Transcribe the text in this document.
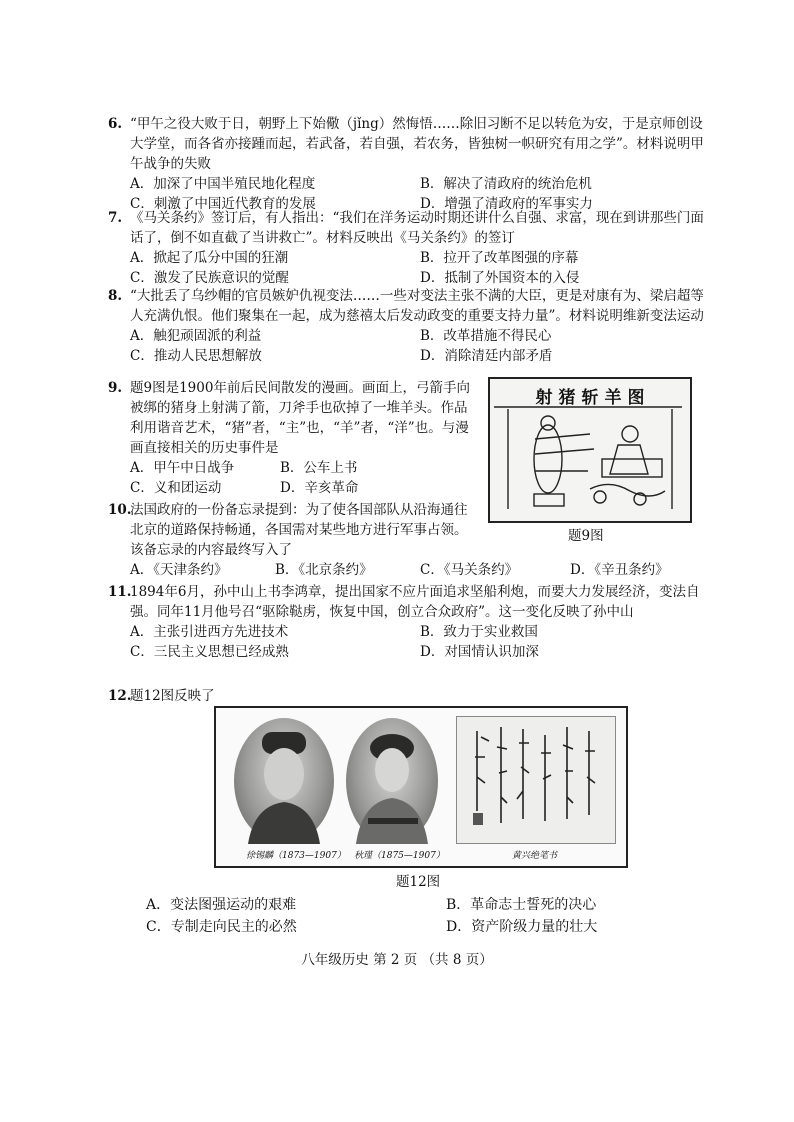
6. “甲午之役大败于日，朝野上下始儆（jǐng）然悔悟……除旧习断不足以转危为安，于是京师创设大学堂，而各省亦接踵而起，若武备，若自强，若农务，皆独树一帜研究有用之学”。材料说明甲午战争的失败
A．加深了中国半殖民地化程度	B．解决了清政府的统治危机
C．刺激了中国近代教育的发展	D．增强了清政府的军事实力
7. 《马关条约》签订后，有人指出：“我们在洋务运动时期还讲什么自强、求富，现在到讲那些门面话了，倒不如直截了当讲救亡”。材料反映出《马关条约》的签订
A．掀起了瓜分中国的狂潮	B．拉开了改革图强的序幕
C．激发了民族意识的觉醒	D．抵制了外国资本的入侵
8. “大批丢了乌纱帽的官员嫉妒仇视变法……一些对变法主张不满的大臣，更是对康有为、梁启超等人充满仇恨。他们聚集在一起，成为慈禧太后发动政变的重要支持力量”。材料说明维新变法运动
A．触犯顽固派的利益	B．改革措施不得民心
C．推动人民思想解放	D．消除清廷内部矛盾
9. 题9图是1900年前后民间散发的漫画。画面上，弓箭手向被绑的猪身上射满了箭，刀斧手也砍掉了一堆羊头。作品利用谐音艺术，“猪”者，“主”也，“羊”者，“洋”也。与漫画直接相关的历史事件是
A．甲午中日战争	B．公车上书
C．义和团运动	D．辛亥革命
射猪斩羊图
题9图
10.
法国政府的一份备忘录提到：为了使各国部队从沿海通往北京的道路保持畅通，各国需对某些地方进行军事占领。该备忘录的内容最终写入了
A．《天津条约》	B．《北京条约》	C．《马关条约》	D．《辛丑条约》
11.
1894年6月，孙中山上书李鸿章，提出国家不应片面追求坚船利炮，而要大力发展经济，变法自强。同年11月他号召“驱除鞑虏，恢复中国，创立合众政府”。这一变化反映了孙中山
A．主张引进西方先进技术	B．致力于实业救国
C．三民主义思想已经成熟	D．对国情认识加深
12.
题12图反映了
徐锡麟（1873—1907） 秋瑾（1875—1907）	黄兴绝笔书
题12图
A．变法图强运动的艰难	B．革命志士誓死的决心
C．专制走向民主的必然	D．资产阶级力量的壮大
八年级历史 第 2 页 （共 8 页）
